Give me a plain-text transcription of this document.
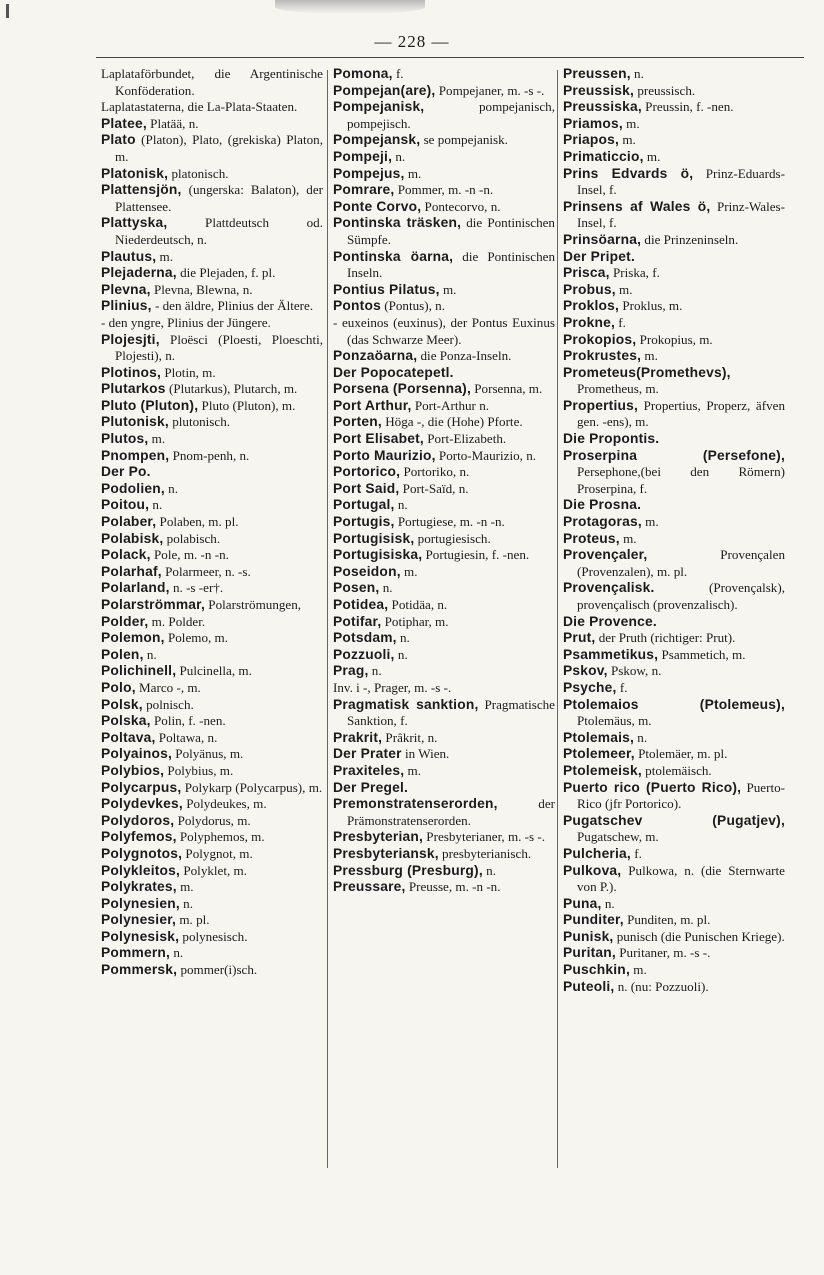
— 228 —
Laplataförbundet, die Argentinische Konföderation.
Laplatastaterna, die La-Plata-Staaten.
Platee, Platää, n.
Plato (Platon), Plato, (grekiska) Platon, m.
Platonisk, platonisch.
Plattensjön, (ungerska: Balaton), der Plattensee.
Plattyska, Plattdeutsch od. Niederdeutsch, n.
Plautus, m.
Plejaderna, die Plejaden, f. pl.
Plevna, Plevna, Blewna, n.
Plinius, - den äldre, Plinius der Ältere.
- den yngre, Plinius der Jüngere.
Plojesjti, Ploësci (Ploesti, Ploeschti, Plojesti), n.
Plotinos, Plotin, m.
Plutarkos (Plutarkus), Plutarch, m.
Pluto (Pluton), Pluto (Pluton), m.
Plutonisk, plutonisch.
Plutos, m.
Pnompen, Pnom-penh, n.
Der Po.
Podolien, n.
Poitou, n.
Polaber, Polaben, m. pl.
Polabisk, polabisch.
Polack, Pole, m. -n -n.
Polarhaf, Polarmeer, n. -s.
Polarland, n. -s -er†.
Polarströmmar, Polarströmungen,
Polder, m. Polder.
Polemon, Polemo, m.
Polen, n.
Polichinell, Pulcinella, m.
Polo, Marco -, m.
Polsk, polnisch.
Polska, Polin, f. -nen.
Poltava, Poltawa, n.
Polyainos, Polyänus, m.
Polybios, Polybius, m.
Polycarpus, Polykarp (Polycarpus), m.
Polydevkes, Polydeukes, m.
Polydoros, Polydorus, m.
Polyfemos, Polyphemos, m.
Polygnotos, Polygnot, m.
Polykleitos, Polyklet, m.
Polykrates, m.
Polynesien, n.
Polynesier, m. pl.
Polynesisk, polynesisch.
Pommern, n.
Pommersk, pommer(i)sch.
Pomona, f.
Pompejan(are), Pompejaner, m. -s -.
Pompejanisk, pompejanisch, pompejisch.
Pompejansk, se pompejanisk.
Pompeji, n.
Pompejus, m.
Pomrare, Pommer, m. -n -n.
Ponte Corvo, Pontecorvo, n.
Pontinska träsken, die Pontinischen Sümpfe.
Pontinska öarna, die Pontinischen Inseln.
Pontius Pilatus, m.
Pontos (Pontus), n.
- euxeinos (euxinus), der Pontus Euxinus (das Schwarze Meer).
Ponzaöarna, die Ponza-Inseln.
Der Popocatepetl.
Porsena (Porsenna), Porsenna, m.
Port Arthur, Port-Arthur n.
Porten, Höga -, die (Hohe) Pforte.
Port Elisabet, Port-Elizabeth.
Porto Maurizio, Porto-Maurizio, n.
Portorico, Portoriko, n.
Port Said, Port-Saïd, n.
Portugal, n.
Portugis, Portugiese, m. -n -n.
Portugisisk, portugiesisch.
Portugisiska, Portugiesin, f. -nen.
Poseidon, m.
Posen, n.
Potidea, Potidäa, n.
Potifar, Potiphar, m.
Potsdam, n.
Pozzuoli, n.
Prag, n.
Inv. i -, Prager, m. -s -.
Pragmatisk sanktion, Pragmatische Sanktion, f.
Prakrit, Prâkrit, n.
Der Prater in Wien.
Praxiteles, m.
Der Pregel.
Premonstratenserorden, der Prämonstratenserorden.
Presbyterian, Presbyterianer, m. -s -.
Presbyteriansk, presbyterianisch.
Pressburg (Presburg), n.
Preussare, Preusse, m. -n -n.
Preussen, n.
Preussisk, preussisch.
Preussiska, Preussin, f. -nen.
Priamos, m.
Priapos, m.
Primaticcio, m.
Prins Edvards ö, Prinz-Eduards-Insel, f.
Prinsens af Wales ö, Prinz-Wales-Insel, f.
Prinsöarna, die Prinzeninseln.
Der Pripet.
Prisca, Priska, f.
Probus, m.
Proklos, Proklus, m.
Prokne, f.
Prokopios, Prokopius, m.
Prokrustes, m.
Prometeus(Promethevs), Prometheus, m.
Propertius, Propertius, Properz, äfven gen. -ens), m.
Die Propontis.
Proserpina (Persefone), Persephone,(bei den Römern) Proserpina, f.
Die Prosna.
Protagoras, m.
Proteus, m.
Provençaler, Provençalen (Provenzalen), m. pl.
Provençalisk. (Provençalsk), provençalisch (provenzalisch).
Die Provence.
Prut, der Pruth (richtiger: Prut).
Psammetikus, Psammetich, m.
Pskov, Pskow, n.
Psyche, f.
Ptolemaios (Ptolemeus), Ptolemäus, m.
Ptolemais, n.
Ptolemeer, Ptolemäer, m. pl.
Ptolemeisk, ptolemäisch.
Puerto rico (Puerto Rico), Puerto-Rico (jfr Portorico).
Pugatschev (Pugatjev), Pugatschew, m.
Pulcheria, f.
Pulkova, Pulkowa, n. (die Sternwarte von P.).
Puna, n.
Punditer, Punditen, m. pl.
Punisk, punisch (die Punischen Kriege).
Puritan, Puritaner, m. -s -.
Puschkin, m.
Puteoli, n. (nu: Pozzuoli).
